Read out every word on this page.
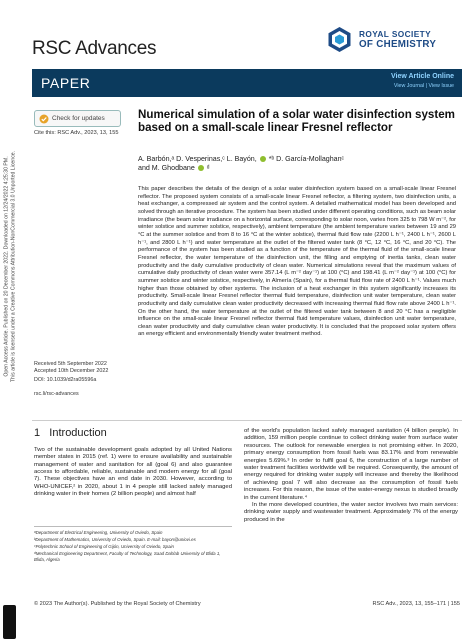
Open Access Article. Published on 20 December 2022. Downloaded on 12/24/2022 4:25:30 PM. This article is licensed under a Creative Commons Attribution-NonCommercial 3.0 Unported Licence.
RSC Advances
ROYAL SOCIETY
OF CHEMISTRY
PAPER	View Article Online
View Journal | View Issue
Check for updates
Cite this: RSC Adv., 2023, 13, 155
Received 5th September 2022
Accepted 10th December 2022
DOI: 10.1039/d2ra05596a
rsc.li/rsc-advances
Numerical simulation of a solar water disinfection system based on a small-scale linear Fresnel reflector
A. Barbón,ᵃ D. Vesperinas,ᶜ L. Bayón, *ᵇ D. García-Mollaghanᶜ
and M. Ghodbane ᵈ
This paper describes the details of the design of a solar water disinfection system based on a small-scale linear Fresnel reflector. The proposed system consists of a small-scale linear Fresnel reflector, a filtering system, two disinfection units, a heat exchanger, a compressed air system and the control system. A detailed mathematical model has been developed and solved through an iterative procedure. The system has been studied under different operating conditions, such as beam solar irradiance (the beam solar irradiance on a horizontal surface, corresponding to solar noon, varies from 325 to 798 W m⁻², for winter solstice and summer solstice, respectively), ambient temperature (the ambient temperature varies between 19 and 29 °C at the summer solstice and from 8 to 16 °C at the winter solstice), thermal fluid flow rate (2200 L h⁻¹, 2400 L h⁻¹, 2600 L h⁻¹, and 2800 L h⁻¹) and water temperature at the outlet of the filtered water tank (8 °C, 12 °C, 16 °C, and 20 °C). The performance of the system has been studied as a function of the temperature of the thermal fluid of the small-scale linear Fresnel reflector, the water temperature of the disinfection unit, the filling and emptying of inertia tanks, clean water productivity and the daily cumulative productivity of clean water. Numerical simulations reveal that the maximum values of cumulative daily productivity of clean water were 357.14 (L m⁻² day⁻¹) at 100 (°C) and 198.41 (L m⁻² day⁻¹) at 100 (°C) for summer solstice and winter solstice, respectively, in Almería (Spain), for a thermal fluid flow rate of 2400 L h⁻¹. Values much higher than those obtained by other systems. The inclusion of a heat exchanger in this system significantly increases its productivity. Small-scale linear Fresnel reflector thermal fluid temperature, disinfection unit water temperature, clean water productivity and daily cumulative clean water productivity decreased with increasing thermal fluid flow rate above 2400 L h⁻¹. On the other hand, the water temperature at the outlet of the filtered water tank between 8 and 20 °C has a negligible influence on the small-scale linear Fresnel reflector thermal fluid temperature values, disinfection unit water temperature, clean water productivity and daily cumulative clean water productivity. It is concluded that the proposed solar system offers an energy efficient and environmentally friendly water treatment method.
1 Introduction
Two of the sustainable development goals adopted by all United Nations member states in 2015 (ref. 1) were to ensure availability and sustainable management of water and sanitation for all (goal 6) and also guarantee access to affordable, reliable, sustainable and modern energy for all (goal 7). These objectives have an end date in 2030. However, according to WHO-UNICEF,² in 2020, about 1 in 4 people still lacked safely managed drinking water in their homes (2 billion people) and almost half
of the world's population lacked safely managed sanitation (4 billion people). In addition, 159 million people continue to collect drinking water from surface water resources. The outlook for renewable energies is not promising either. In 2020, primary energy consumption from fossil fuels was 83.17% and from renewable energies 5.69%.³ In order to fulfil goal 6, the construction of a large number of water treatment facilities worldwide will be required. Consequently, the amount of energy required for drinking water supply will increase and thereby the likelihood of achieving goal 7 will also decrease as the consumption of fossil fuels increases. For this reason, the issue of the water-energy nexus is studied broadly in the current literature.⁴
In the more developed countries, the water sector involves two main services: drinking water supply and wastewater treatment. Approximately 7% of the energy produced in the

ᵃDepartment of Electrical Engineering, University of Oviedo, Spain

ᵇDepartment of Mathematics, University of Oviedo, Spain. E-mail: bayon@uniovi.es

ᶜPolytechnic School of Engineering of Gijón, University of Oviedo, Spain

ᵈMechanical Engineering Department, Faculty of Technology, Saad Dahlab University of Blida 1, Blida, Algeria

© 2023 The Author(s). Published by the Royal Society of Chemistry	RSC Adv., 2023, 13, 155–171 | 155
